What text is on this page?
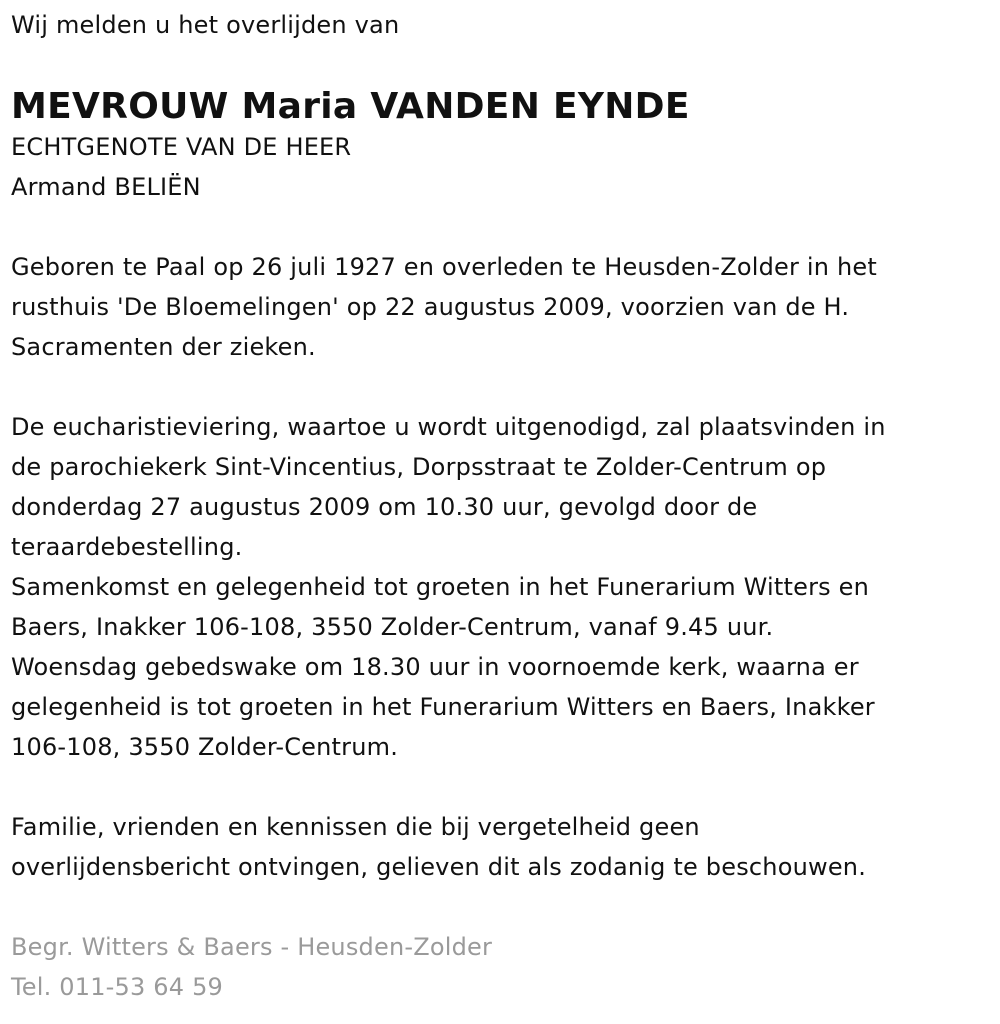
Wij melden u het overlijden van
MEVROUW Maria VANDEN EYNDE
ECHTGENOTE VAN DE HEER
Armand BELIËN
Geboren te Paal op 26 juli 1927 en overleden te Heusden-Zolder in het
rusthuis 'De Bloemelingen' op 22 augustus 2009, voorzien van de H.
Sacramenten der zieken.
De eucharistieviering, waartoe u wordt uitgenodigd, zal plaatsvinden in
de parochiekerk Sint-Vincentius, Dorpsstraat te Zolder-Centrum op
donderdag 27 augustus 2009 om 10.30 uur, gevolgd door de
teraardebestelling.
Samenkomst en gelegenheid tot groeten in het Funerarium Witters en
Baers, Inakker 106-108, 3550 Zolder-Centrum, vanaf 9.45 uur.
Woensdag gebedswake om 18.30 uur in voornoemde kerk, waarna er
gelegenheid is tot groeten in het Funerarium Witters en Baers, Inakker
106-108, 3550 Zolder-Centrum.
Familie, vrienden en kennissen die bij vergetelheid geen
overlijdensbericht ontvingen, gelieven dit als zodanig te beschouwen.
Begr. Witters & Baers - Heusden-Zolder
Tel. 011-53 64 59
